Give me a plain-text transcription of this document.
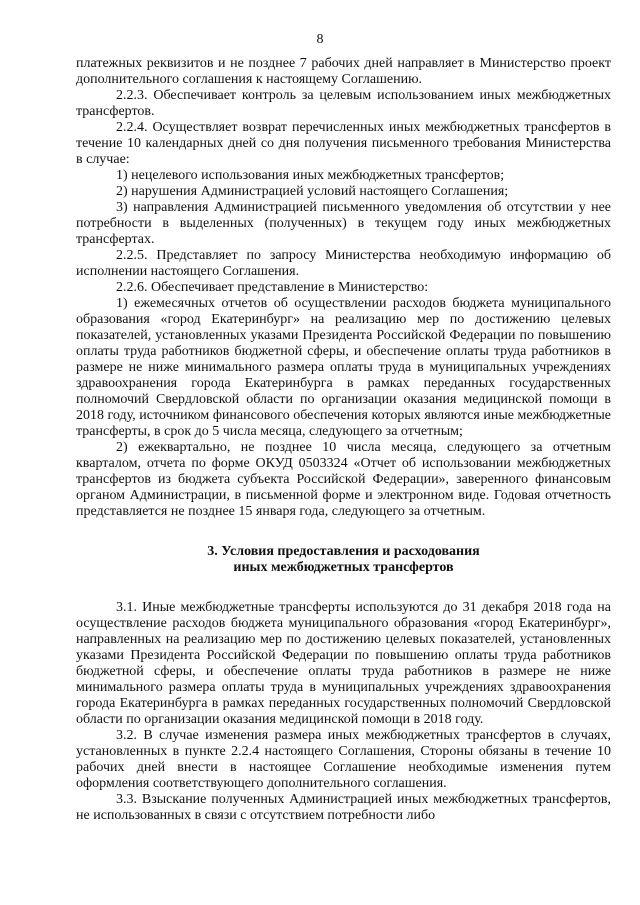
8

платежных реквизитов и не позднее 7 рабочих дней направляет в Министерство проект дополнительного соглашения к настоящему Соглашению.

2.2.3. Обеспечивает контроль за целевым использованием иных межбюджетных трансфертов.

2.2.4. Осуществляет возврат перечисленных иных межбюджетных трансфертов в течение 10 календарных дней со дня получения письменного требования Министерства в случае:

1) нецелевого использования иных межбюджетных трансфертов;

2) нарушения Администрацией условий настоящего Соглашения;

3) направления Администрацией письменного уведомления об отсутствии у нее потребности в выделенных (полученных) в текущем году иных межбюджетных трансфертах.

2.2.5. Представляет по запросу Министерства необходимую информацию об исполнении настоящего Соглашения.

2.2.6. Обеспечивает представление в Министерство:

1) ежемесячных отчетов об осуществлении расходов бюджета муниципального образования «город Екатеринбург» на реализацию мер по достижению целевых показателей, установленных указами Президента Российской Федерации по повышению оплаты труда работников бюджетной сферы, и обеспечение оплаты труда работников в размере не ниже минимального размера оплаты труда в муниципальных учреждениях здравоохранения города Екатеринбурга в рамках переданных государственных полномочий Свердловской области по организации оказания медицинской помощи в 2018 году, источником финансового обеспечения которых являются иные межбюджетные трансферты, в срок до 5 числа месяца, следующего за отчетным;

2) ежеквартально, не позднее 10 числа месяца, следующего за отчетным кварталом, отчета по форме ОКУД 0503324 «Отчет об использовании межбюджетных трансфертов из бюджета субъекта Российской Федерации», заверенного финансовым органом Администрации, в письменной форме и электронном виде. Годовая отчетность представляется не позднее 15 января года, следующего за отчетным.

3. Условия предоставления и расходования
иных межбюджетных трансфертов

3.1. Иные межбюджетные трансферты используются до 31 декабря 2018 года на осуществление расходов бюджета муниципального образования «город Екатеринбург», направленных на реализацию мер по достижению целевых показателей, установленных указами Президента Российской Федерации по повышению оплаты труда работников бюджетной сферы, и обеспечение оплаты труда работников в размере не ниже минимального размера оплаты труда в муниципальных учреждениях здравоохранения города Екатеринбурга в рамках переданных государственных полномочий Свердловской области по организации оказания медицинской помощи в 2018 году.

3.2. В случае изменения размера иных межбюджетных трансфертов в случаях, установленных в пункте 2.2.4 настоящего Соглашения, Стороны обязаны в течение 10 рабочих дней внести в настоящее Соглашение необходимые изменения путем оформления соответствующего дополнительного соглашения.

3.3. Взыскание полученных Администрацией иных межбюджетных трансфертов, не использованных в связи с отсутствием потребности либо
